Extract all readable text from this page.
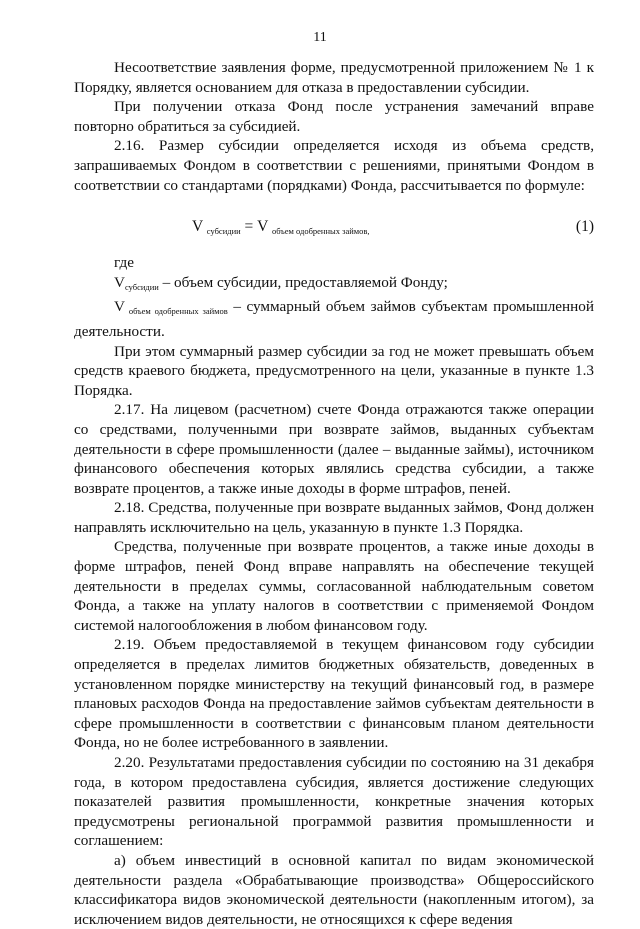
11

Несоответствие заявления форме, предусмотренной приложением № 1 к Порядку, является основанием для отказа в предоставлении субсидии.

При получении отказа Фонд после устранения замечаний вправе повторно обратиться за субсидией.

2.16. Размер субсидии определяется исходя из объема средств, запрашиваемых Фондом в соответствии с решениями, принятыми Фондом в соответствии со стандартами (порядками) Фонда, рассчитывается по формуле:

V $_{субсидии}$ = V $_{объем одобренных займов,}$	(1)

где

$V_{субсидии}$ – объем субсидии, предоставляемой Фонду;

V $_{объем одобренных займов}$ – суммарный объем займов субъектам промышленной деятельности.

При этом суммарный размер субсидии за год не может превышать объем средств краевого бюджета, предусмотренного на цели, указанные в пункте 1.3 Порядка.

2.17. На лицевом (расчетном) счете Фонда отражаются также операции со средствами, полученными при возврате займов, выданных субъектам деятельности в сфере промышленности (далее – выданные займы), источником финансового обеспечения которых являлись средства субсидии, а также возврате процентов, а также иные доходы в форме штрафов, пеней.

2.18. Средства, полученные при возврате выданных займов, Фонд должен направлять исключительно на цель, указанную в пункте 1.3 Порядка.

Средства, полученные при возврате процентов, а также иные доходы в форме штрафов, пеней Фонд вправе направлять на обеспечение текущей деятельности в пределах суммы, согласованной наблюдательным советом Фонда, а также на уплату налогов в соответствии с применяемой Фондом системой налогообложения в любом финансовом году.

2.19. Объем предоставляемой в текущем финансовом году субсидии определяется в пределах лимитов бюджетных обязательств, доведенных в установленном порядке министерству на текущий финансовый год, в размере плановых расходов Фонда на предоставление займов субъектам деятельности в сфере промышленности в соответствии с финансовым планом деятельности Фонда, но не более истребованного в заявлении.

2.20. Результатами предоставления субсидии по состоянию на 31 декабря года, в котором предоставлена субсидия, является достижение следующих показателей развития промышленности, конкретные значения которых предусмотрены региональной программой развития промышленности и соглашением:

а) объем инвестиций в основной капитал по видам экономической деятельности раздела «Обрабатывающие производства» Общероссийского классификатора видов экономической деятельности (накопленным итогом), за исключением видов деятельности, не относящихся к сфере ведения
